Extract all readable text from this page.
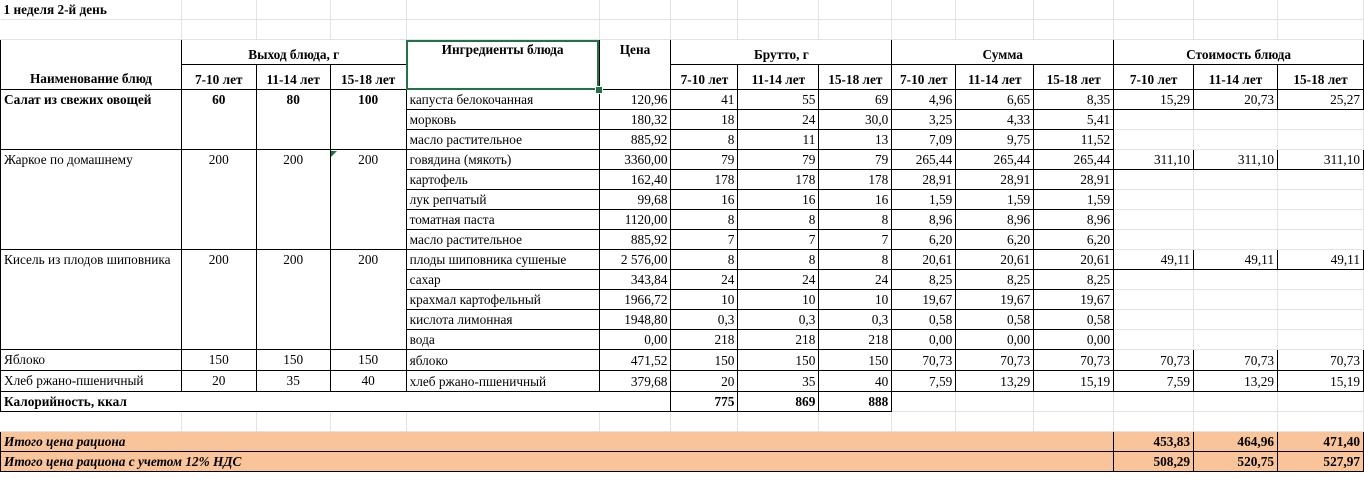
1 неделя 2-й день														

Наименование блюд	Выход блюда, г			Ингредиенты блюда	Цена	Брутто, г			Сумма			Стоимость блюда		
	7-10 лет	11-14 лет	15-18 лет			7-10 лет	11-14 лет	15-18 лет	7-10 лет	11-14 лет	15-18 лет	7-10 лет	11-14 лет	15-18 лет
Салат из свежих овощей	60	80	100	капуста белокочанная	120,96	41	55	69	4,96	6,65	8,35	15,29	20,73	25,27
				морковь	180,32	18	24	30,0	3,25	4,33	5,41			
				масло растительное	885,92	8	11	13	7,09	9,75	11,52			
Жаркое по домашнему	200	200	200	говядина (мякоть)	3360,00	79	79	79	265,44	265,44	265,44	311,10	311,10	311,10
				картофель	162,40	178	178	178	28,91	28,91	28,91			
				лук репчатый	99,68	16	16	16	1,59	1,59	1,59			
				томатная паста	1120,00	8	8	8	8,96	8,96	8,96			
				масло растительное	885,92	7	7	7	6,20	6,20	6,20			
Кисель из плодов шиповника	200	200	200	плоды шиповника сушеные	2 576,00	8	8	8	20,61	20,61	20,61	49,11	49,11	49,11
				сахар	343,84	24	24	24	8,25	8,25	8,25			
				крахмал картофельный	1966,72	10	10	10	19,67	19,67	19,67			
				кислота лимонная	1948,80	0,3	0,3	0,3	0,58	0,58	0,58			
				вода	0,00	218	218	218	0,00	0,00	0,00			
Яблоко	150	150	150	яблоко	471,52	150	150	150	70,73	70,73	70,73	70,73	70,73	70,73
Хлеб ржано-пшеничный	20	35	40	хлеб ржано-пшеничный	379,68	20	35	40	7,59	13,29	15,19	7,59	13,29	15,19
Калорийность, ккал						775	869	888						

Итого цена рациона												453,83	464,96	471,40
Итого цена рациона с учетом 12% НДС												508,29	520,75	527,97
